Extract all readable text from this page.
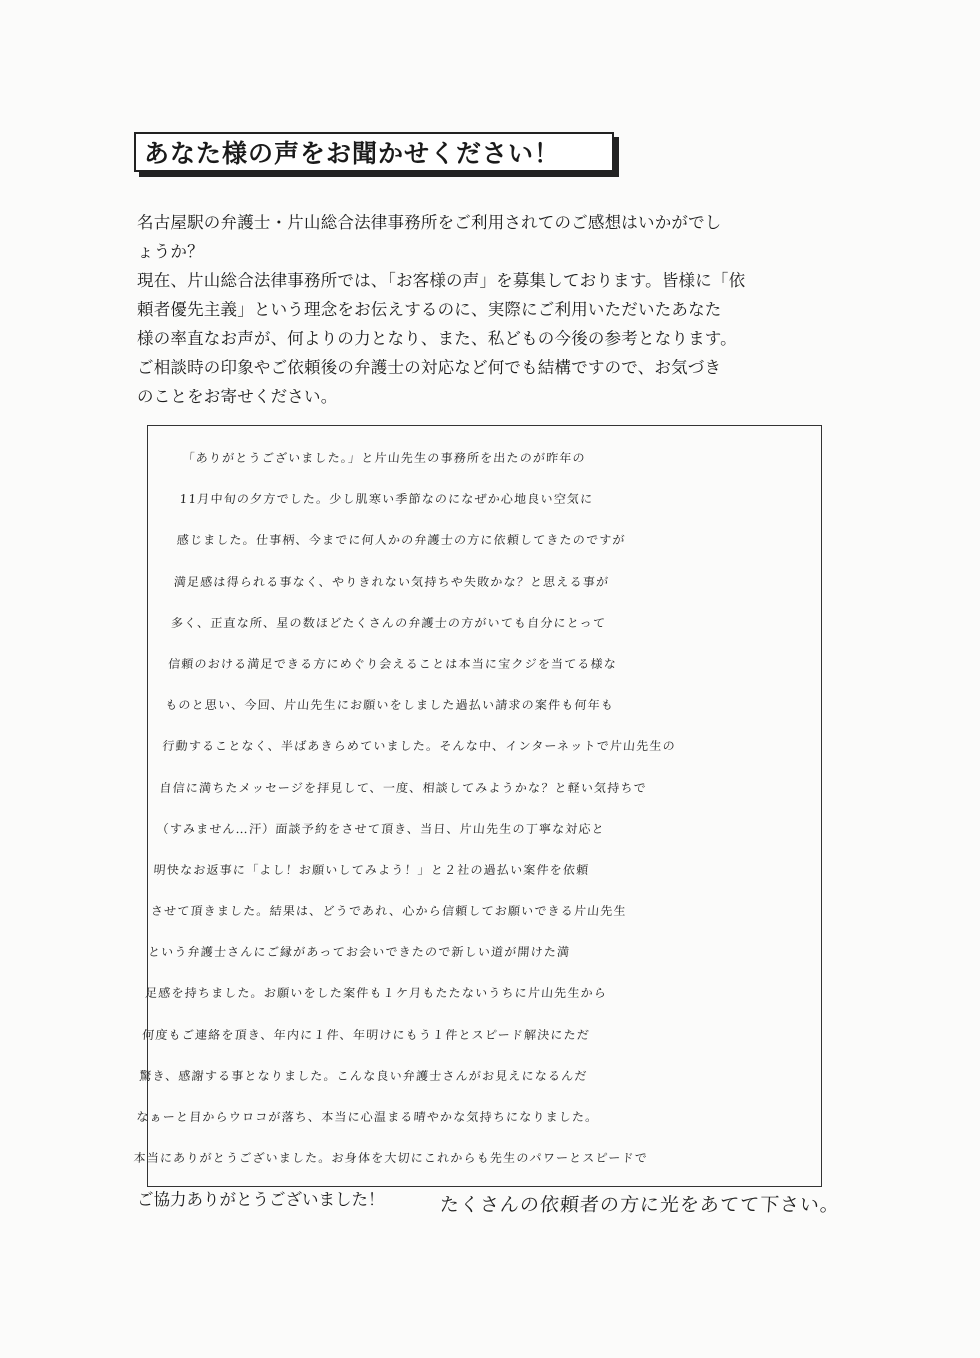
あなた様の声をお聞かせください！

名古屋駅の弁護士・片山総合法律事務所をご利用されてのご感想はいかがでし

ょうか？

現在、片山総合法律事務所では、「お客様の声」を募集しております。皆様に「依

頼者優先主義」という理念をお伝えするのに、実際にご利用いただいたあなた

様の率直なお声が、何よりの力となり、また、私どもの今後の参考となります。

ご相談時の印象やご依頼後の弁護士の対応など何でも結構ですので、お気づき

のことをお寄せください。

「ありがとうございました。」と片山先生の事務所を出たのが昨年の
11月中旬の夕方でした。少し肌寒い季節なのになぜか心地良い空気に
感じました。仕事柄、今までに何人かの弁護士の方に依頼してきたのですが
満足感は得られる事なく、やりきれない気持ちや失敗かな？と思える事が
多く、正直な所、星の数ほどたくさんの弁護士の方がいても自分にとって
信頼のおける満足できる方にめぐり会えることは本当に宝クジを当てる様な
ものと思い、今回、片山先生にお願いをしました過払い請求の案件も何年も
行動することなく、半ばあきらめていました。そんな中、インターネットで片山先生の
自信に満ちたメッセージを拝見して、一度、相談してみようかな？と軽い気持ちで
（すみません…汗）面談予約をさせて頂き、当日、片山先生の丁寧な対応と
明快なお返事に「よし！お願いしてみよう！」と２社の過払い案件を依頼
させて頂きました。結果は、どうであれ、心から信頼してお願いできる片山先生
という弁護士さんにご縁があってお会いできたので新しい道が開けた満
足感を持ちました。お願いをした案件も１ケ月もたたないうちに片山先生から
何度もご連絡を頂き、年内に１件、年明けにもう１件とスピード解決にただ
驚き、感謝する事となりました。こんな良い弁護士さんがお見えになるんだ
なぁーと目からウロコが落ち、本当に心温まる晴やかな気持ちになりました。
本当にありがとうございました。お身体を大切にこれからも先生のパワーとスピードで
ご協力ありがとうございました！	たくさんの依頼者の方に光をあてて下さい。
